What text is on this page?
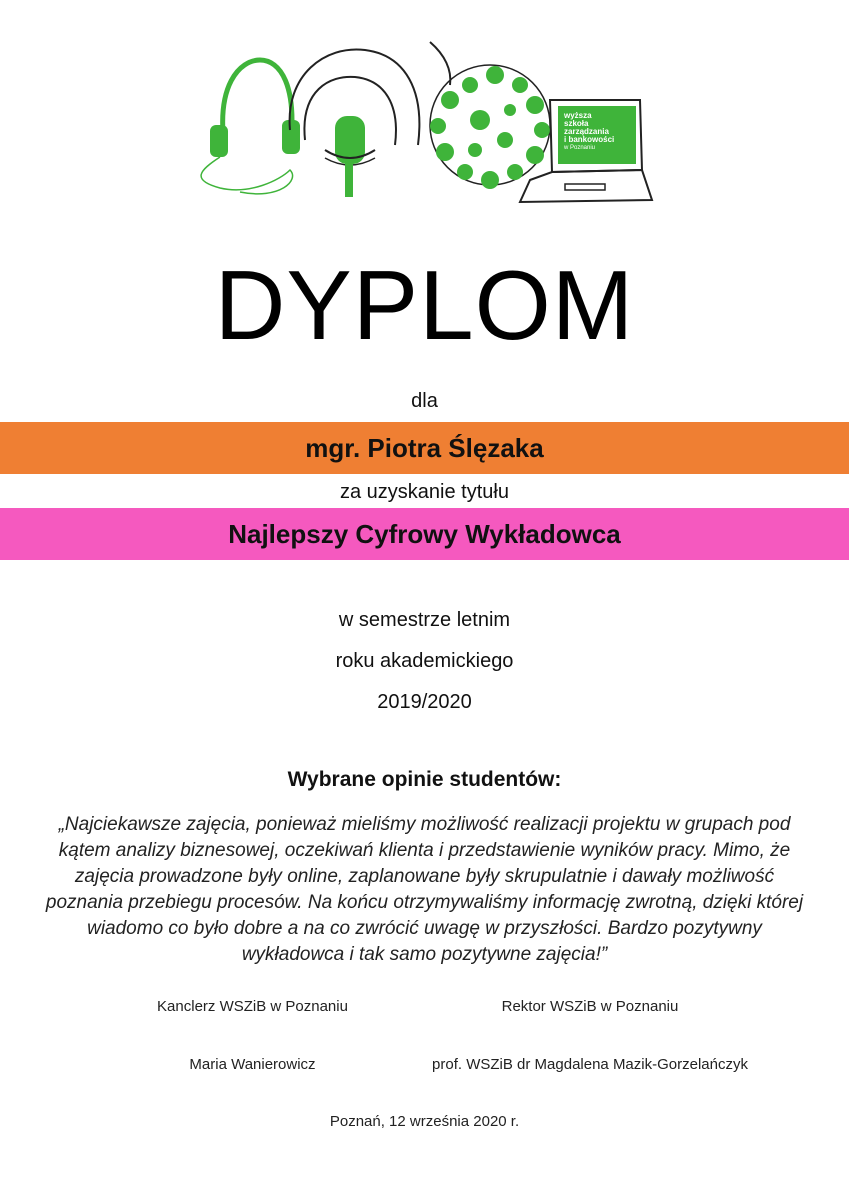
wyższa szkoła zarządzania i bankowości w Poznaniu
DYPLOM
dla
mgr. Piotra Ślęzaka
za uzyskanie tytułu
Najlepszy Cyfrowy Wykładowca
w semestrze letnim
roku akademickiego
2019/2020
Wybrane opinie studentów:
„Najciekawsze zajęcia, ponieważ mieliśmy możliwość realizacji projektu w grupach pod kątem analizy biznesowej, oczekiwań klienta i przedstawienie wyników pracy. Mimo, że zajęcia prowadzone były online, zaplanowane były skrupulatnie i dawały możliwość poznania przebiegu procesów. Na końcu otrzymywaliśmy informację zwrotną, dzięki której wiadomo co było dobre a na co zwrócić uwagę w przyszłości. Bardzo pozytywny wykładowca i tak samo pozytywne zajęcia!”
Kanclerz WSZiB w Poznaniu	Rektor WSZiB w Poznaniu
Maria Wanierowicz	prof. WSZiB dr Magdalena Mazik-Gorzelańczyk
Poznań, 12 września 2020 r.
